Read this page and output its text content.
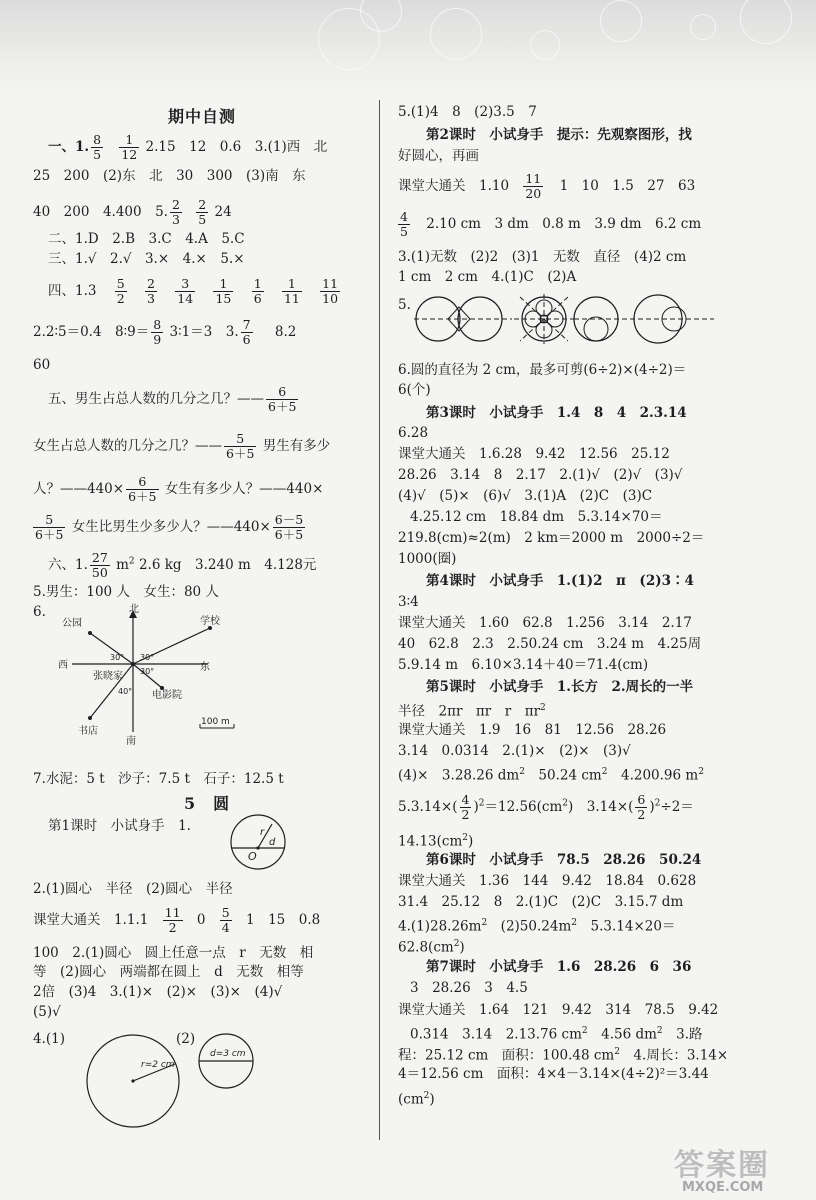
期中自测
一、1. $\frac{8}{5}$
$\frac{1}{12} 2.15$　12　0.6　3.(1)西　北
25　200　(2)东　北　30　300　(3)南　东
40　200　4.400　5. $\frac{2}{3}$
$\frac{2}{5} 24$
二、1.D　2.B　3.C　4.A　5.C
三、1.√　2.√　3.×　4.×　5.×
四、$1.3 \frac{5}{2}$
$\frac{2}{3}$
$\frac{3}{14}$
$\frac{1}{15}$
$\frac{1}{6}$
$\frac{1}{11}$
$\frac{11}{10}$
2.2∶5＝0.4　8∶9＝ $\frac{8}{9}$ 3∶1＝3　3. $\frac{7}{6} 8.2$
60
五、男生占总人数的几分之几？—— $\frac{6}{6+5}$
女生占总人数的几分之几？—— $\frac{5}{6+5}$ 男生有多少
人？——440× $\frac{6}{6+5}$ 女生有多少人？——440×
$\frac{5}{6+5}$ 女生比男生少多少人？——440× $\frac{6-5}{6+5}$
六、1. $\frac{27}{50} m^2$ 2.6 kg　3.240 m　4.128元
5.男生：100 人　女生：80 人
6.	北
学校
公园
西	东
张晓家
电影院
书店
南
30° 30°
30°
40°
100 m
7.水泥：5 t　沙子：7.5 t　石子：12.5 t
5　圆
第1课时　小试身手　1.	r
O
d
2.(1)圆心　半径　(2)圆心　半径
课堂大通关　$1.1.1 \frac{11}{2} 0 \frac{5}{4} 1$　15　0.8
100　2.(1)圆心　圆上任意一点　r　无数　相
等　(2)圆心　两端都在圆上　d　无数　相等
2倍　(3)4　3.(1)×　(2)×　(3)×　(4)√
(5)√
4.(1)	(2)
r=2 cm
d=3 cm
5.(1)4　8　(2)3.5　7
第2课时　小试身手　提示：先观察图形，找
好圆心，再画
课堂大通关　$1.10 \frac{11}{20} 1$　10　1.5　27　63
$\frac{4}{5} 2.10$ cm　3 dm　0.8 m　3.9 dm　6.2 cm
3.(1)无数　(2)2　(3)1　无数　直径　(4)2 cm
1 cm　2 cm　4.(1)C　(2)A
5.
6.圆的直径为 2 cm，最多可剪(6÷2)×(4÷2)＝
6(个)
第3课时　小试身手　1.4　8　4　2.3.14
6.28
课堂大通关　1.6.28　9.42　12.56　25.12
28.26　3.14　8　2.17　2.(1)√　(2)√　(3)√
(4)√　(5)×　(6)√　3.(1)A　(2)C　(3)C
4.25.12 cm　18.84 dm　5.3.14×70＝
219.8(cm)≈2(m)　2 km＝2000 m　2000÷2＝
1000(圈)
第4课时　小试身手　1.(1)2　π　(2)3∶4
3∶4
课堂大通关　1.60　62.8　1.256　3.14　2.17
40　62.8　2.3　2.50.24 cm　3.24 m　4.25周
5.9.14 m　6.10×3.14＋40＝71.4(cm)
第5课时　小试身手　1.长方　2.周长的一半
半径　2πr　πr　r　$\pi r^2$
课堂大通关　1.9　16　81　12.56　28.26
3.14　0.0314　2.(1)×　(2)×　(3)√
(4)×　3.28.26 $dm^2$　50.24 $cm^2$　4.200.96 $m^2$
$5.3.14\times( \frac{4}{2} )^2=12.56(cm^2)$　$3.14\times( \frac{6}{2} )^2\div 2=$
$14.13(cm^2)$
第6课时　小试身手　78.5　28.26　50.24
课堂大通关　1.36　144　9.42　18.84　0.628
31.4　25.12　8　2.(1)C　(2)C　3.15.7 dm
$4.(1)28.26m^2$　$(2)50.24m^2$　5.3.14×20＝
$62.8(cm^2)$
第7课时　小试身手　1.6　28.26　6　36
3　28.26　3　4.5
课堂大通关　1.64　121　9.42　314　78.5　9.42
0.314　3.14　2.13.76 $cm^2$　4.56 $dm^2$　3.路
程：25.12 cm　面积：100.48 $cm^2$　4.周长：3.14×
4＝12.56 cm　面积：4×4－3.14×(4÷2)²＝3.44
$(cm^2)$
答案圈
MXQE.COM
